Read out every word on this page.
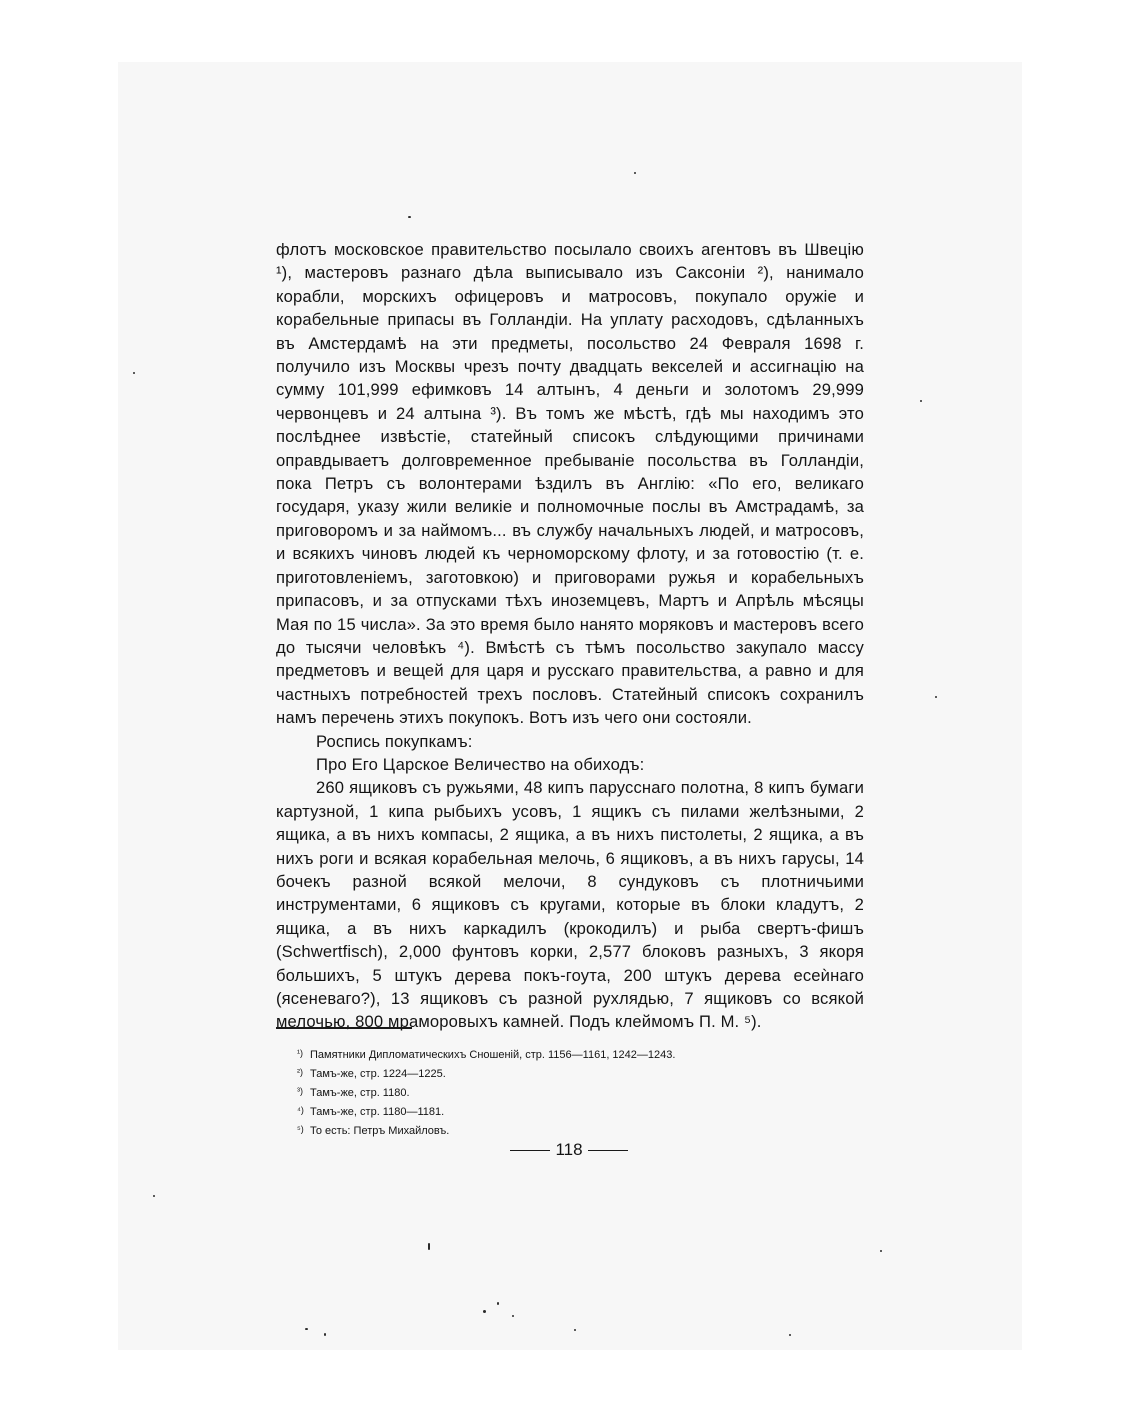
флотъ московское правительство посылало своихъ агентовъ въ Швецію ¹), мастеровъ разнаго дѣла выписывало изъ Саксоніи ²), нанимало корабли, морскихъ офицеровъ и матросовъ, покупало оружіе и корабельные припасы въ Голландіи. На уплату расходовъ, сдѣланныхъ въ Амстердамѣ на эти предметы, посольство 24 Февраля 1698 г. получило изъ Москвы чрезъ почту двадцать векселей и ассигнацію на сумму 101,999 ефимковъ 14 алтынъ, 4 деньги и золотомъ 29,999 червонцевъ и 24 алтына ³). Въ томъ же мѣстѣ, гдѣ мы находимъ это послѣднее извѣстіе, статейный списокъ слѣдующими причинами оправдываетъ долговременное пребываніе посольства въ Голландіи, пока Петръ съ волонтерами ѣздилъ въ Англію: «По его, великаго государя, указу жили великіе и полномочные послы въ Амстрадамѣ, за приговоромъ и за наймомъ... въ службу начальныхъ людей, и матросовъ, и всякихъ чиновъ людей къ черноморскому флоту, и за готовостію (т. е. приготовленіемъ, заготовкою) и приговорами ружья и корабельныхъ припасовъ, и за отпусками тѣхъ иноземцевъ, Мартъ и Апрѣль мѣсяцы Мая по 15 числа». За это время было нанято моряковъ и мастеровъ всего до тысячи человѣкъ ⁴). Вмѣстѣ съ тѣмъ посольство закупало массу предметовъ и вещей для царя и русскаго правительства, а равно и для частныхъ потребностей трехъ пословъ. Статейный списокъ сохранилъ намъ перечень этихъ покупокъ. Вотъ изъ чего они состояли.

Роспись покупкамъ:

Про Его Царское Величество на обиходъ:

260 ящиковъ съ ружьями, 48 кипъ парусснаго полотна, 8 кипъ бумаги картузной, 1 кипа рыбьихъ усовъ, 1 ящикъ съ пилами желѣзными, 2 ящика, а въ нихъ компасы, 2 ящика, а въ нихъ пистолеты, 2 ящика, а въ нихъ роги и всякая корабельная мелочь, 6 ящиковъ, а въ нихъ гарусы, 14 бочекъ разной всякой мелочи, 8 сундуковъ съ плотничьими инструментами, 6 ящиковъ съ кругами, которые въ блоки кладутъ, 2 ящика, а въ нихъ каркадилъ (крокодилъ) и рыба свертъ-фишъ (Schwertfisch), 2,000 фунтовъ корки, 2,577 блоковъ разныхъ, 3 якоря большихъ, 5 штукъ дерева покъ-гоута, 200 штукъ дерева есеѝнаго (ясеневаго?), 13 ящиковъ съ разной рухлядью, 7 ящиковъ со всякой мелочью, 800 мраморовыхъ камней. Подъ клеймомъ П. М. ⁵).

¹) Памятники Дипломатическихъ Сношеній, стр. 1156—1161, 1242—1243.
²) Тамъ-же, стр. 1224—1225.
³) Тамъ-же, стр. 1180.
⁴) Тамъ-же, стр. 1180—1181.
⁵) То есть: Петръ Михайловъ.
118
